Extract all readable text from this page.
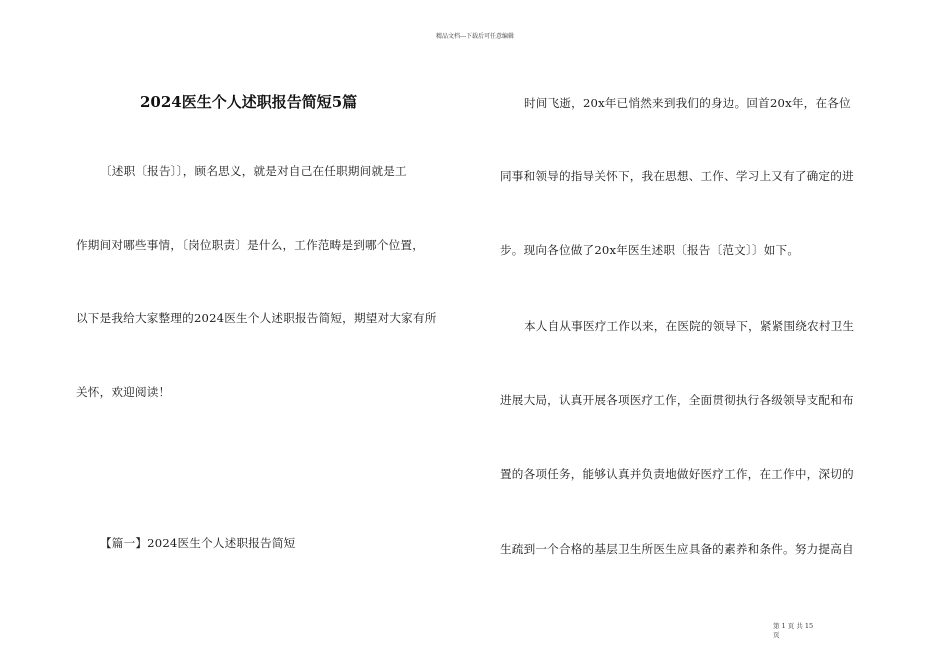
精品文档---下载后可任意编辑
2024医生个人述职报告简短5篇
〔述职〔报告〕〕，顾名思义，就是对自己在任职期间就是工
作期间对哪些事情，〔岗位职责〕是什么，工作范畴是到哪个位置，
以下是我给大家整理的2024医生个人述职报告简短，期望对大家有所
关怀，欢迎阅读！
【篇一】2024医生个人述职报告简短
时间飞逝，20x年已悄然来到我们的身边。回首20x年，在各位
同事和领导的指导关怀下，我在思想、工作、学习上又有了确定的进
步。现向各位做了20x年医生述职〔报告〔范文〕〕如下。
本人自从事医疗工作以来，在医院的领导下，紧紧围绕农村卫生
进展大局，认真开展各项医疗工作，全面贯彻执行各级领导支配和布
置的各项任务，能够认真并负责地做好医疗工作，在工作中，深切的
生疏到一个合格的基层卫生所医生应具备的素养和条件。努力提高自
第 1 页 共 15
页
